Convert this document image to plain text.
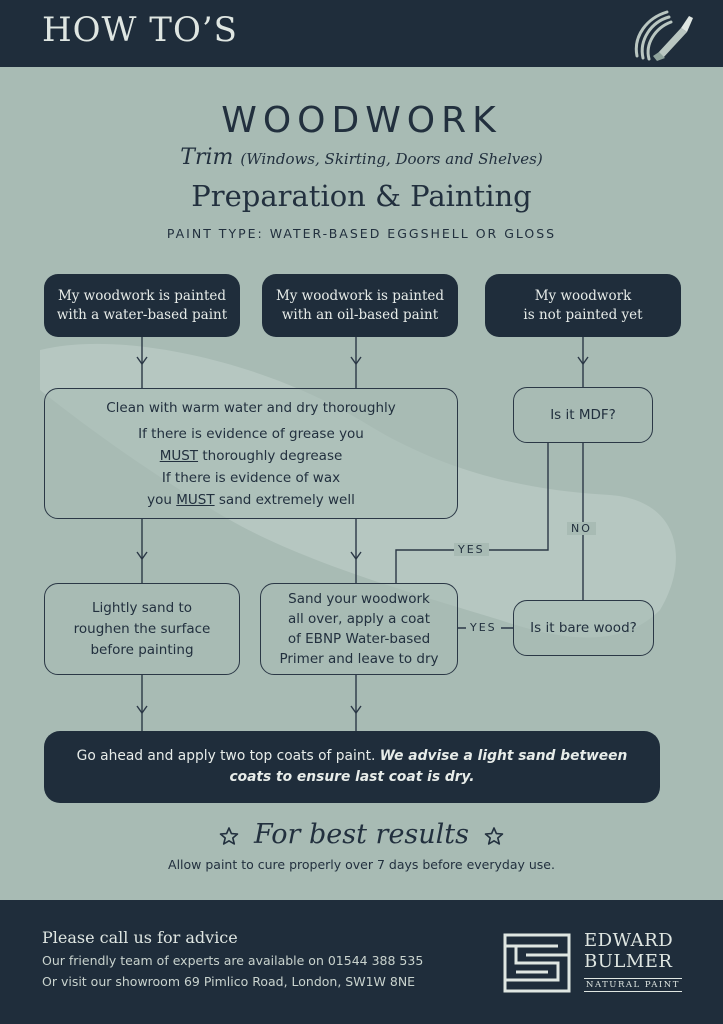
HOW TO’S
WOODWORK
Trim (Windows, Skirting, Doors and Shelves)
Preparation & Painting
PAINT TYPE: WATER-BASED EGGSHELL OR GLOSS
My woodwork is painted
with a water-based paint
My woodwork is painted
with an oil-based paint
My woodwork
is not painted yet
Clean with warm water and dry thoroughly
If there is evidence of grease you
MUST thoroughly degrease
If there is evidence of wax
you MUST sand extremely well
Is it MDF?
YES
NO
Lightly sand to
roughen the surface
before painting
Sand your woodwork
all over, apply a coat
of EBNP Water-based
Primer and leave to dry
YES Is it bare wood?
Go ahead and apply two top coats of paint. We advise a light sand between coats to ensure last coat is dry.
For best results
Allow paint to cure properly over 7 days before everyday use.
Please call us for advice
Our friendly team of experts are available on 01544 388 535
Or visit our showroom 69 Pimlico Road, London, SW1W 8NE
EDWARD
BULMER
NATURAL PAINT
